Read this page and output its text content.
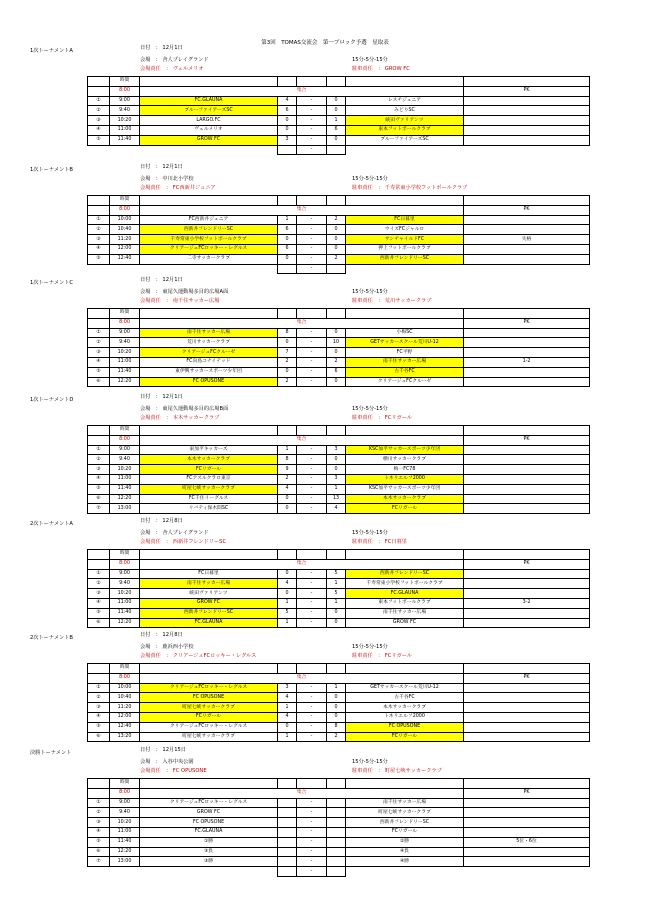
第3回　TOMAS交流会　第一ブロック予選　星取表
1次トーナメントA	日付　： 12月1日
会場　： 舎人プレイグランド	15分-5分-15分
会場責任　： ヴェルメリオ	駐車責任　： GROW FC
	時間						
	8:00	集合					PK
①	9:00	FC.GLAUNA	4	-	0	レスチジュニア	
②	9:40	ブルーファイアーズSC	6	-	0	みどりSC	
③	10:20	LARGO.FC	0	-	1	峡田ヴァリアンツ	
④	11:00	ヴェルメリオ	0	-	6	東本フットボールクラブ	
⑤	11:40	GROW FC	3	-	0	ブルーファイアーズSC	
				-			
1次トーナメントB	日付　： 12月1日
会場　： 中川北小学校	15分-5分-15分
会場責任　： FC西新井ジュニア	駐車責任　： 千寿常東小学校フットボールクラブ
	時間						
	8:00	集合					PK
①	10:00	FC西新井ジュニア	1	-	2	FC日暮里	
②	10:40	西新井フレンドリーSC	6	-	0	ウイズFCジャルロ	
③	11:20	千寿常東小学校フットボールクラブ	0	-	0	サンチャイルドFC	失格
④	12:00	クリアージュFCロッキー・レグルス	6	-	0	押上フットボールクラブ	
⑤	12:40	二寺サッカークラブ	0	-	2	西新井フレンドリーSC	
				-			
1次トーナメントC	日付　： 12月1日
会場　： 東尾久運動場多目的広場A面	15分-5分-15分
会場責任　： 南千住サッカー広場	駐車責任　： 荒川サッカークラブ
	時間						
	8:00	集合					PK
①	9:00	南千住サッカー広場	8	-	0	小梅SC	
②	9:40	荒川サッカークラブ	0	-	10	GETサッカースクール荒川U-12	
③	10:20	クリアージュFCクルーゼ	7	-	0	FC平野	
④	11:00	FC向島ユナイテッド	2	-	2	南千住サッカー広場	1-2
⑤	11:40	東伊興サッカースポーツ少年団	0	-	6	古千谷FC	
⑥	12:20	FC OPUSONE	2	-	0	クリアージュFCクルーゼ	
1次トーナメントD	日付　： 12月1日
会場　： 東尾久運動場多目的広場B面	15分-5分-15分
会場責任　： 本木サッカークラブ	駐車責任　： FCリガール
	時間						
	8:00	集合					PK
①	9:00	東加平キッカーズ	1	-	3	KSC加平サッカースポーツ少年団	
②	9:40	本木サッカークラブ	8	-	0	横川サッカークラブ	
③	10:20	FCリガール	9	-	0	梅一FC78	
④	11:00	FCアスルクラロ東京	2	-	3	トネリエルフ2000	
⑤	11:40	町屋七峡サッカークラブ	4	-	1	KSC加平サッカースポーツ少年団	
⑥	12:20	FC千住イーグルス	0	-	13	本木サッカークラブ	
⑦	13:00	リバティ保木間SC	0	-	4	FCリガール	
2次トーナメントA	日付　： 12月8日
会場　： 舎人プレイグランド	15分-5分-15分
会場責任　： 西新井フレンドリーSC	駐車責任　： FC日暮里
	時間						
	8:00	集合					PK
①	9:00	FC日暮里	0	-	5	西新井フレンドリーSC	
②	9:40	南千住サッカー広場	4	-	1	千寿常東小学校フットボールクラブ	
③	10:20	峡田ヴァリアンツ	0	-	5	FC.GLAUNA	
④	11:00	GROW FC	1	-	1	東本フットボールクラブ	3-2
⑤	11:40	西新井フレンドリーSC	5	-	0	南千住サッカー広場	
⑥	12:20	FC.GLAUNA	1	-	0	GROW FC	
2次トーナメントB	日付　： 12月8日
会場　： 鹿浜西小学校	15分-5分-15分
会場責任　： クリアージュFCロッキー・レグルス	駐車責任　： FCリガール
	時間						
	8:00	集合					PK
①	10:00	クリアージュFCロッキー・レグルス	3	-	1	GETサッカースクール荒川U-12	
②	10:40	FC OPUSONE	4	-	0	古千谷FC	
③	11:20	町屋七峡サッカークラブ	1	-	0	本木サッカークラブ	
④	12:00	FCリガール	4	-	0	トネリエルフ2000	
⑤	12:40	クリアージュFCロッキー・レグルス	0	-	8	FC OPUSONE	
⑥	13:20	町屋七峡サッカークラブ	1	-	2	FCリガール	
決勝トーナメント	日付　： 12月15日
会場　： 入谷中央公園	15分-5分-15分
会場責任　： FC OPUSONE	駐車責任　： 町屋七峡サッカークラブ
	時間						
	8:00	集合					PK
①	9:00	クリアージュFCロッキー・レグルス		-		南千住サッカー広場	
②	9:40	GROW FC		-		町屋七峡サッカークラブ	
③	10:20	FC OPUSONE		-		西新井フレンドリーSC	
④	11:00	FC.GLAUNA		-		FCリガール	
⑤	11:40	①勝		-		②勝	5位・6位
⑥	12:20	③負		-		④負	
⑦	13:00	③勝		-		④勝	
				-			
